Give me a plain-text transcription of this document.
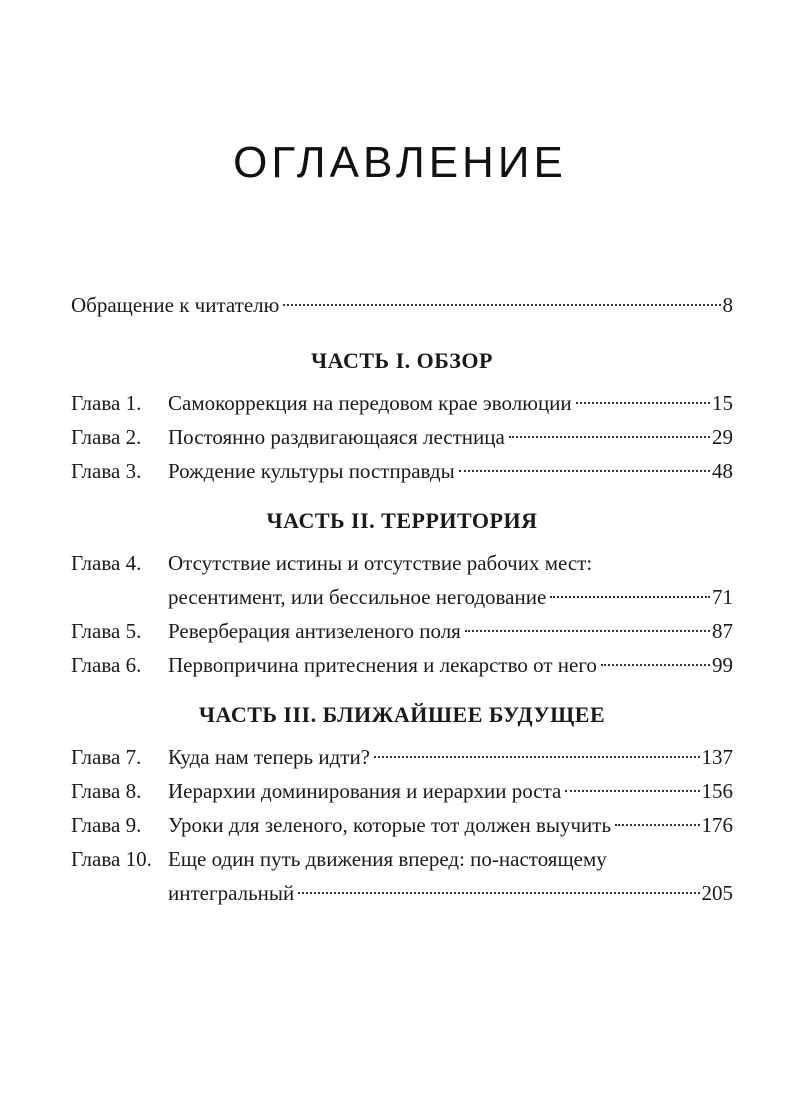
ОГЛАВЛЕНИЕ
Обращение к читателю	8
ЧАСТЬ I. ОБЗОР
Глава 1.	Самокоррекция на передовом крае эволюции	15
Глава 2.	Постоянно раздвигающаяся лестница	29
Глава 3.	Рождение культуры постправды	48
ЧАСТЬ II. ТЕРРИТОРИЯ
Глава 4.	Отсутствие истины и отсутствие рабочих мест:
ресентимент, или бессильное негодование	71
Глава 5.	Реверберация антизеленого поля	87
Глава 6.	Первопричина притеснения и лекарство от него	99
ЧАСТЬ III. БЛИЖАЙШЕЕ БУДУЩЕЕ
Глава 7.	Куда нам теперь идти?	137
Глава 8.	Иерархии доминирования и иерархии роста	156
Глава 9.	Уроки для зеленого, которые тот должен выучить	176
Глава 10. Еще один путь движения вперед: по-настоящему
интегральный	205
